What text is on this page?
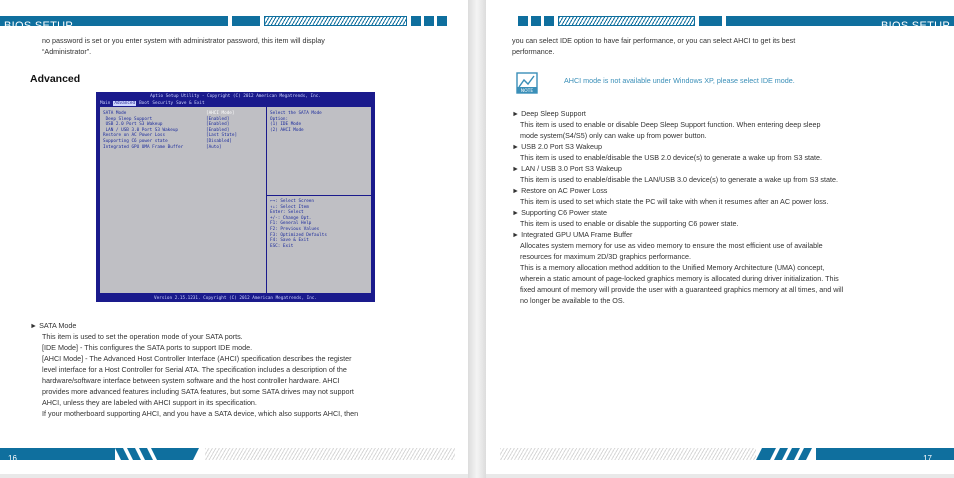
BIOS SETUP
no password is set or you enter system with administrator password, this item will display
“Administrator”.
Advanced
Aptio Setup Utility - Copyright (C) 2012 American Megatrends, Inc.
Main Advanced Boot Security Save & Exit
SATA Mode
Deep Sleep Support
USB 2.0 Port S3 Wakeup
LAN / USB 3.0 Port S3 Wakeup
Restore on AC Power Loss
Supporting C6 power state
Integrated GPU UMA Frame Buffer
[AHCI Mode]
[Enabled]
[Enabled]
[Enabled]
[Last State]
[Disabled]
[Auto]
Select the SATA Mode
Option:
(1) IDE Mode
(2) AHCI Mode
←→: Select Screen
↑↓: Select Item
Enter: Select
+/-: Change Opt.
F1: General Help
F2: Previous Values
F3: Optimized Defaults
F4: Save & Exit
ESC: Exit
Version 2.15.1231. Copyright (C) 2012 American Megatrends, Inc.
► SATA Mode
This item is used to set the operation mode of your SATA ports.
[IDE Mode] - This configures the SATA ports to support IDE mode.
[AHCI Mode] - The Advanced Host Controller Interface (AHCI) specification describes the register
level interface for a Host Controller for Serial ATA. The specification includes a description of the
hardware/software interface between system software and the host controller hardware. AHCI
provides more advanced features including SATA features, but some SATA drives may not support
AHCI, unless they are labeled with AHCI support in its specification.
If your motherboard supporting AHCI, and you have a SATA device, which also supports AHCI, then
16
BIOS SETUP
you can select IDE option to have fair performance, or you can select AHCI to get its best
performance.
NOTE
AHCI mode is not available under Windows XP, please select IDE mode.
► Deep Sleep Support
This item is used to enable or disable Deep Sleep Support function. When entering deep sleep
mode system(S4/S5) only can wake up from power button.
► USB 2.0 Port S3 Wakeup
This item is used to enable/disable the USB 2.0 device(s) to generate a wake up from S3 state.
► LAN / USB 3.0 Port S3 Wakeup
This item is used to enable/disable the LAN/USB 3.0 device(s) to generate a wake up from S3 state.
► Restore on AC Power Loss
This item is used to set which state the PC will take with when it resumes after an AC power loss.
► Supporting C6 Power state
This item is used to enable or disable the supporting C6 power state.
► Integrated GPU UMA Frame Buffer
Allocates system memory for use as video memory to ensure the most efficient use of available
resources for maximum 2D/3D graphics performance.
This is a memory allocation method addition to the Unified Memory Architecture (UMA) concept,
wherein a static amount of page-locked graphics memory is allocated during driver initialization. This
fixed amount of memory will provide the user with a guaranteed graphics memory at all times, and will
no longer be available to the OS.
17
